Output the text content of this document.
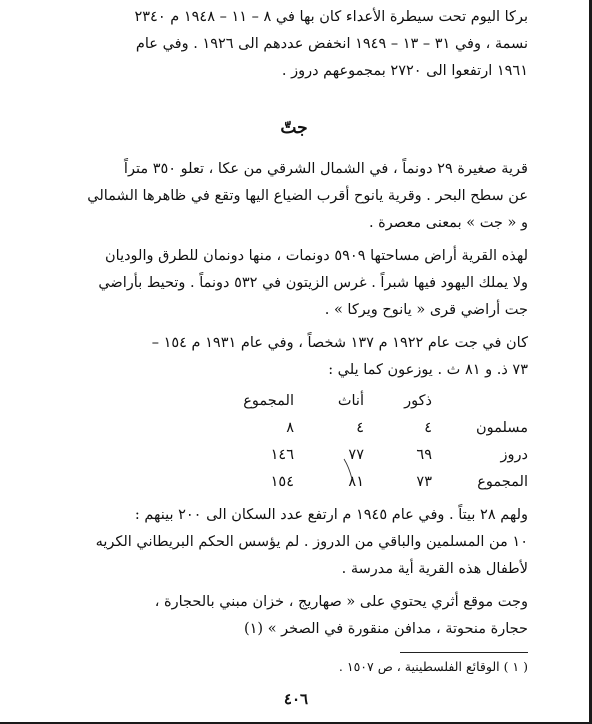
بركا اليوم تحت سيطرة الأعداء كان بها في ٨ – ١١ – ١٩٤٨ م ٢٣٤٠

نسمة ، وفي ٣١ – ١٣ – ١٩٤٩ انخفض عددهم الى ١٩٢٦ . وفي عام

١٩٦١ ارتفعوا الى ٢٧٢٠ بمجموعهم دروز .

جتّ

قرية صغيرة ٢٩ دونماً ، في الشمال الشرقي من عكا ، تعلو ٣٥٠ متراً

عن سطح البحر . وقرية يانوح أقرب الضياع اليها وتقع في ظاهرها الشمالي

و « جت » بمعنى معصرة .

لهذه القرية أراض مساحتها ٥٩٠٩ دونمات ، منها دونمان للطرق والوديان

ولا يملك اليهود فيها شبراً . غرس الزيتون في ٥٣٢ دونماً . وتحيط بأراضي

جت أراضي قرى « يانوح ويركا » .

كان في جت عام ١٩٢٢ م ١٣٧ شخصاً ، وفي عام ١٩٣١ م ١٥٤ –

٧٣ ذ. و ٨١ ث . يوزعون كما يلي :

	ذكور	أناث	المجموع
مسلمون	٤	٤	٨
دروز	٦٩	٧٧	١٤٦
المجموع	٧٣	٨١	١٥٤

ولهم ٢٨ بيتاً . وفي عام ١٩٤٥ م ارتفع عدد السكان الى ٢٠٠ بينهم :

١٠ من المسلمين والباقي من الدروز . لم يؤسس الحكم البريطاني الكريه

لأطفال هذه القرية أية مدرسة .

وجت موقع أثري يحتوي على « صهاريج ، خزان مبني بالحجارة ،

حجارة منحوتة ، مدافن منقورة في الصخر » (١)

( ١ ) الوقائع الفلسطينية ، ص ١٥٠٧ .
٤٠٦
